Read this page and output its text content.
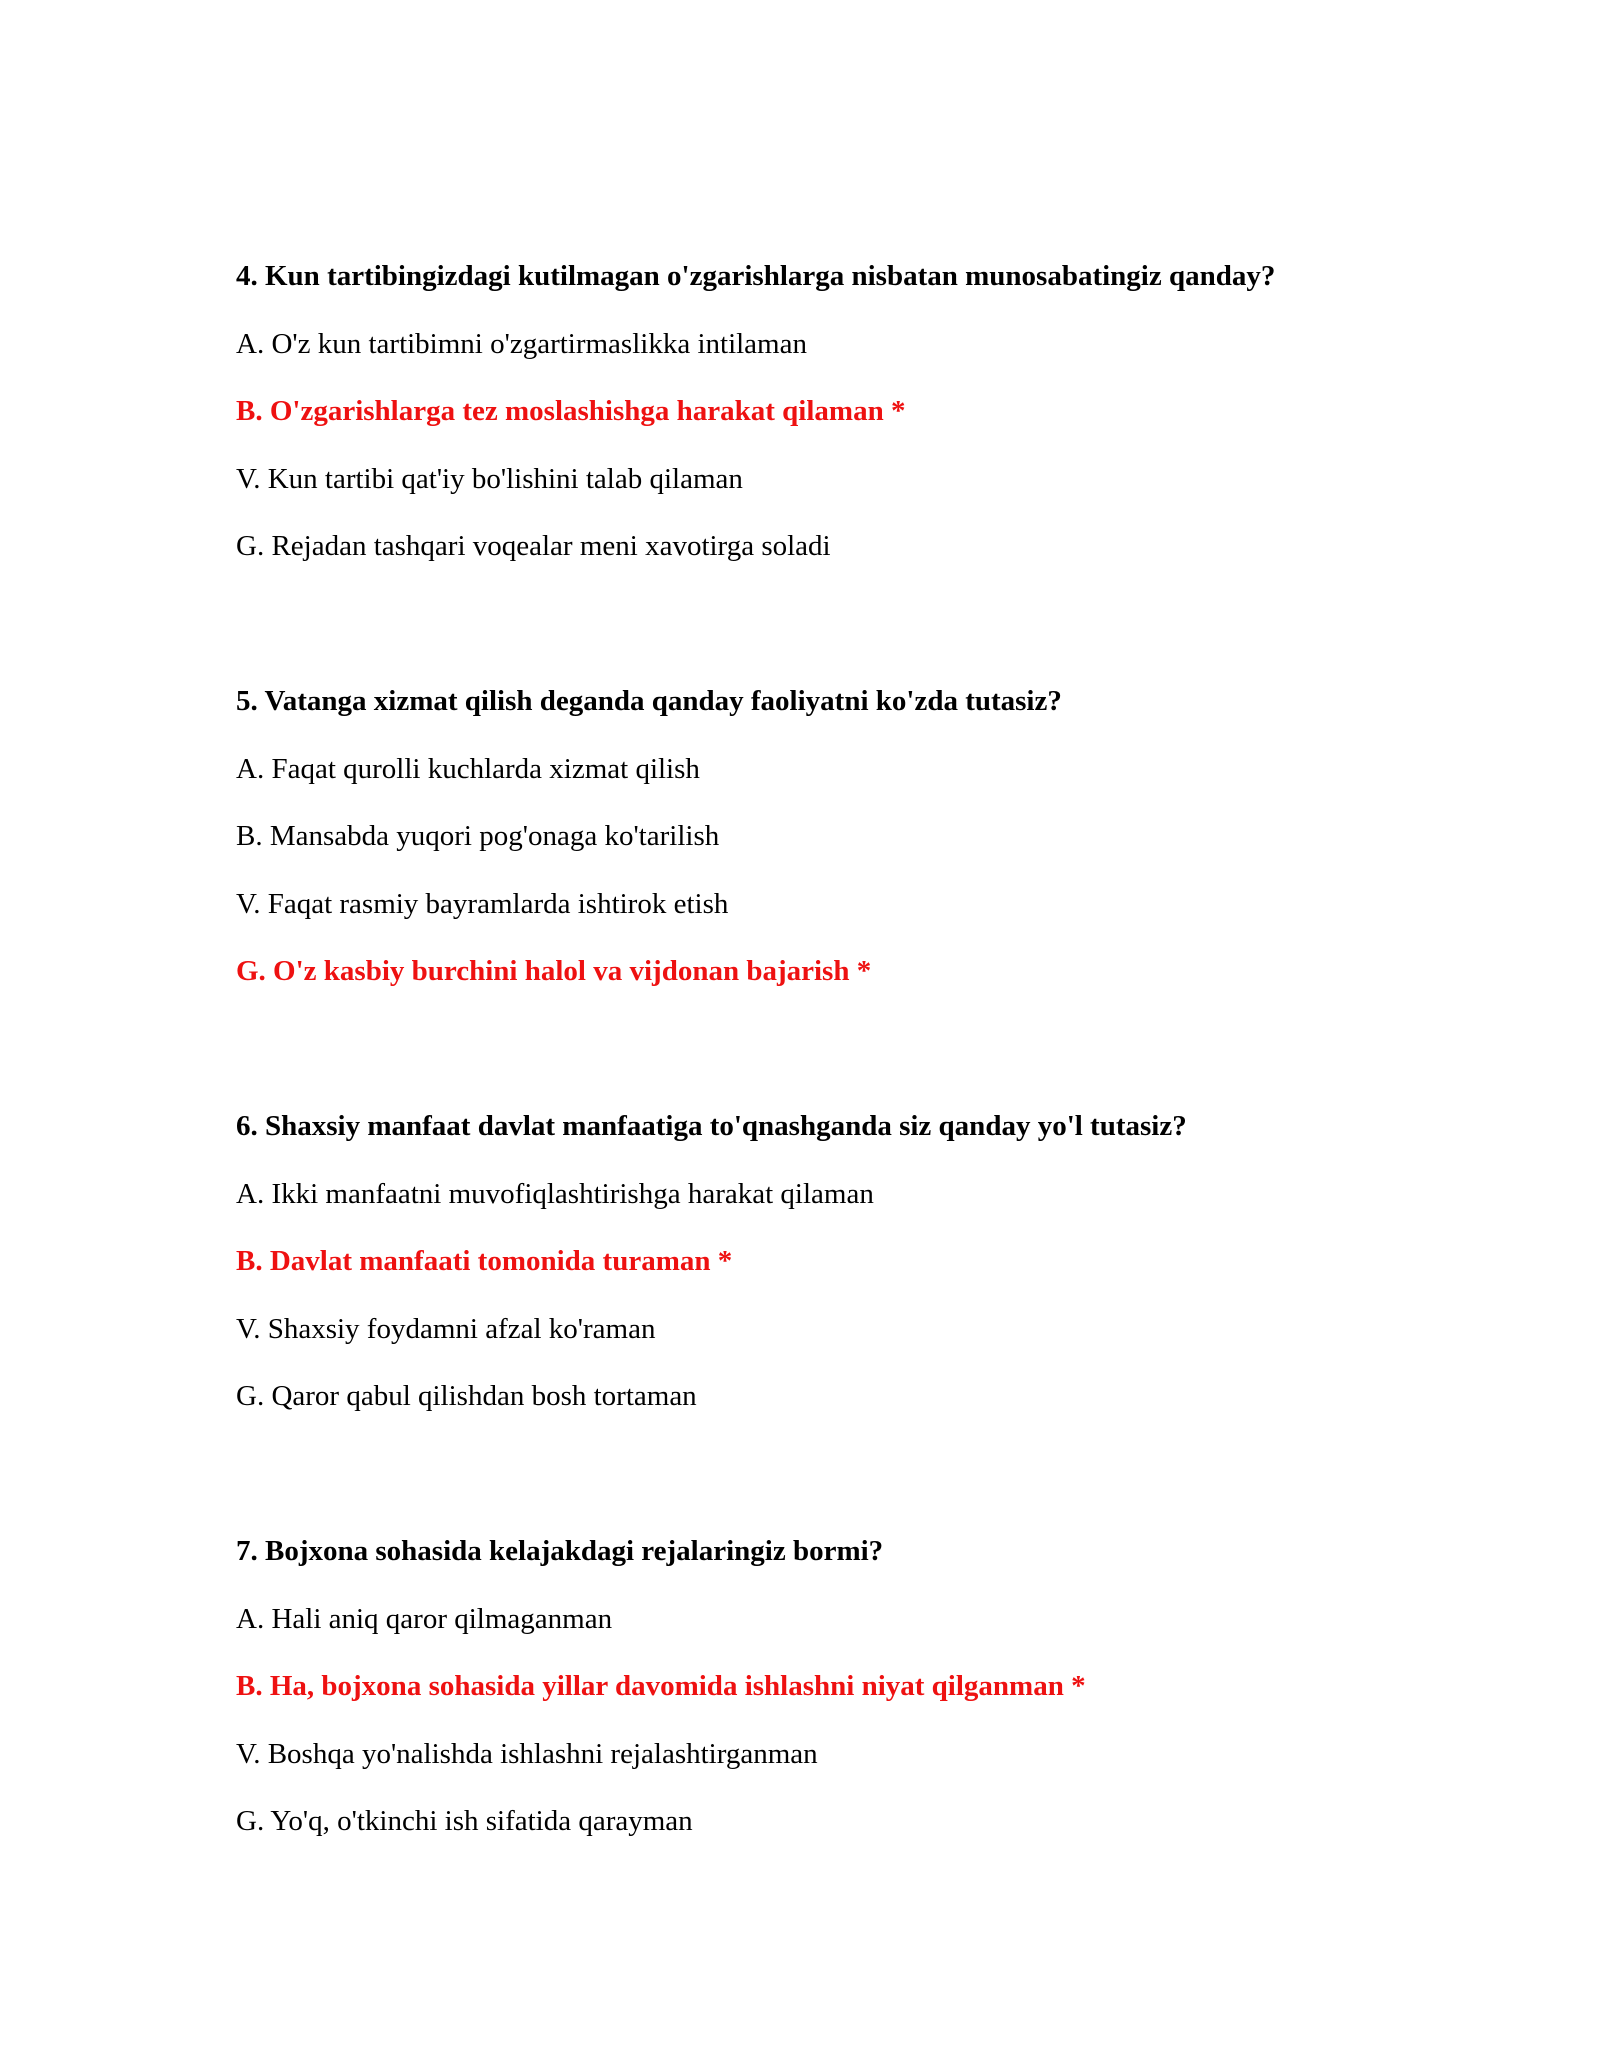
4. Kun tartibingizdagi kutilmagan o'zgarishlarga nisbatan munosabatingiz qanday?
A. O'z kun tartibimni o'zgartirmaslikka intilaman
B. O'zgarishlarga tez moslashishga harakat qilaman *
V. Kun tartibi qat'iy bo'lishini talab qilaman
G. Rejadan tashqari voqealar meni xavotirga soladi
5. Vatanga xizmat qilish deganda qanday faoliyatni ko'zda tutasiz?
A. Faqat qurolli kuchlarda xizmat qilish
B. Mansabda yuqori pog'onaga ko'tarilish
V. Faqat rasmiy bayramlarda ishtirok etish
G. O'z kasbiy burchini halol va vijdonan bajarish *
6. Shaxsiy manfaat davlat manfaatiga to'qnashganda siz qanday yo'l tutasiz?
A. Ikki manfaatni muvofiqlashtirishga harakat qilaman
B. Davlat manfaati tomonida turaman *
V. Shaxsiy foydamni afzal ko'raman
G. Qaror qabul qilishdan bosh tortaman
7. Bojxona sohasida kelajakdagi rejalaringiz bormi?
A. Hali aniq qaror qilmaganman
B. Ha, bojxona sohasida yillar davomida ishlashni niyat qilganman *
V. Boshqa yo'nalishda ishlashni rejalashtirganman
G. Yo'q, o'tkinchi ish sifatida qarayman
